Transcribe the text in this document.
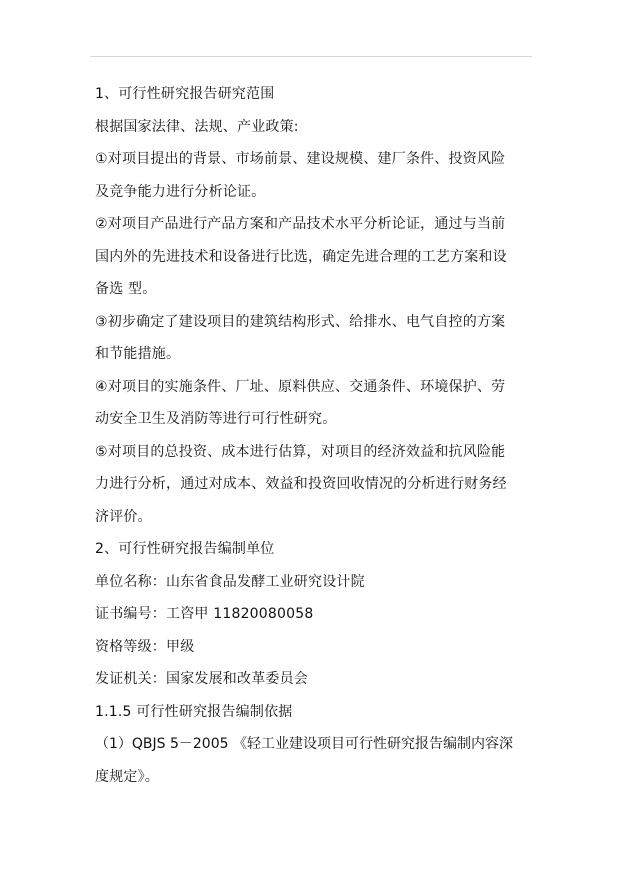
1、可行性研究报告研究范围
根据国家法律、法规、产业政策:
①对项目提出的背景、市场前景、建设规模、建厂条件、投资风险
及竞争能力进行分析论证。
②对项目产品进行产品方案和产品技术水平分析论证，通过与当前
国内外的先进技术和设备进行比选，确定先进合理的工艺方案和设
备选 型。
③初步确定了建设项目的建筑结构形式、给排水、电气自控的方案
和节能措施。
④对项目的实施条件、厂址、原料供应、交通条件、环境保护、劳
动安全卫生及消防等进行可行性研究。
⑤对项目的总投资、成本进行估算，对项目的经济效益和抗风险能
力进行分析，通过对成本、效益和投资回收情况的分析进行财务经
济评价。
2、可行性研究报告编制单位
单位名称：山东省食品发酵工业研究设计院
证书编号：工咨甲 11820080058
资格等级：甲级
发证机关：国家发展和改革委员会
1.1.5 可行性研究报告编制依据
（1）QBJS 5－2005 《轻工业建设项目可行性研究报告编制内容深
度规定》。
